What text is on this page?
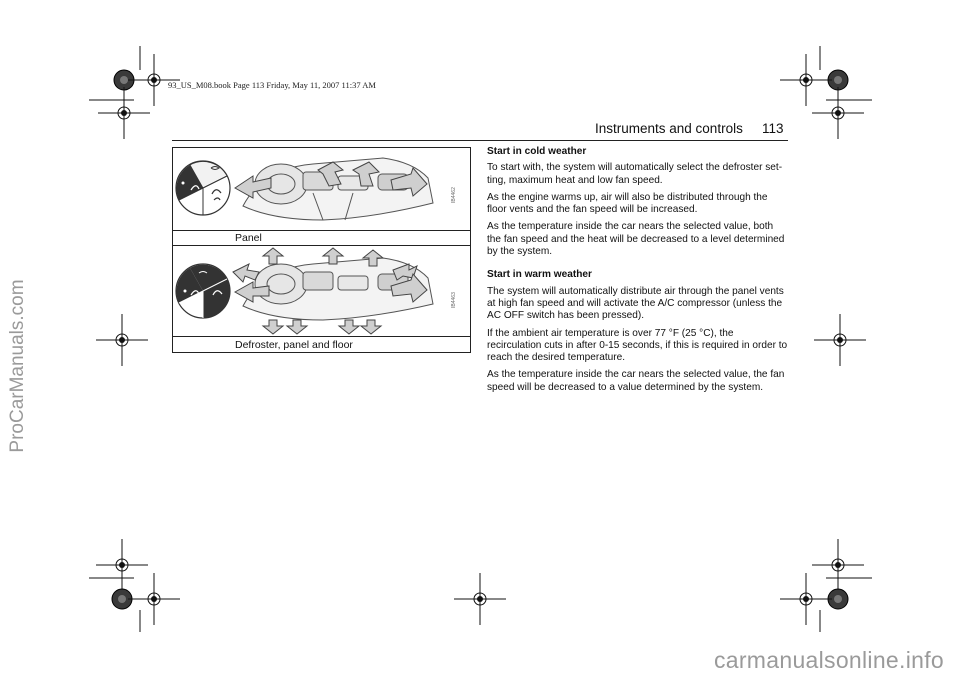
ProCarManuals.com
carmanualsonline.info
93_US_M08.book Page 113 Friday, May 11, 2007 11:37 AM
Instruments and controls 113
IB4462
Panel
IB4463
Defroster, panel and floor
Start in cold weather

To start with, the system will automatically select the defroster set-ting, maximum heat and low fan speed.

As the engine warms up, air will also be distributed through the floor vents and the fan speed will be increased.

As the temperature inside the car nears the selected value, both the fan speed and the heat will be decreased to a level determined by the system.

Start in warm weather

The system will automatically distribute air through the panel vents at high fan speed and will activate the A/C compressor (unless the AC OFF switch has been pressed).

If the ambient air temperature is over 77 °F (25 °C), the recirculation cuts in after 0-15 seconds, if this is required in order to reach the desired temperature.

As the temperature inside the car nears the selected value, the fan speed will be decreased to a value determined by the system.
